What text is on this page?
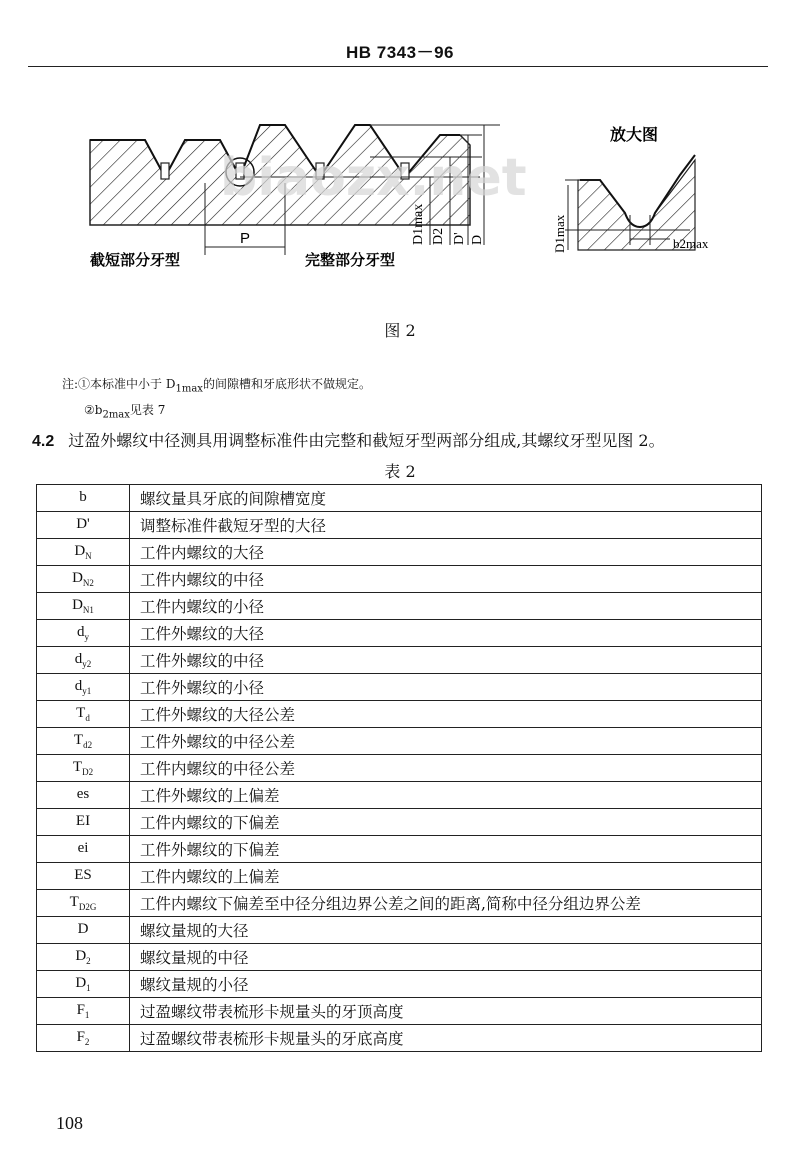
HB 7343－96
P
截短部分牙型	完整部分牙型
D1max D2 D' D
放大图
D1max	b2max
biaozx.net
图 2
注:①本标准中小于 $D_{1max}$的间隙槽和牙底形状不做规定。
$②b_{2max}$见表 7
4.2 过盈外螺纹中径测具用调整标准件由完整和截短牙型两部分组成,其螺纹牙型见图 2。
表 2
b	螺纹量具牙底的间隙槽宽度
D'	调整标准件截短牙型的大径
$D_N$	工件内螺纹的大径
$D_{N2}$	工件内螺纹的中径
$D_{N1}$	工件内螺纹的小径
$d_y$	工件外螺纹的大径
$d_{y2}$	工件外螺纹的中径
$d_{y1}$	工件外螺纹的小径
$T_d$	工件外螺纹的大径公差
$T_{d2}$	工件外螺纹的中径公差
$T_{D2}$	工件内螺纹的中径公差
es	工件外螺纹的上偏差
EI	工件内螺纹的下偏差
ei	工件外螺纹的下偏差
ES	工件内螺纹的上偏差
$T_{D2G}$	工件内螺纹下偏差至中径分组边界公差之间的距离,简称中径分组边界公差
D	螺纹量规的大径
$D_2$	螺纹量规的中径
$D_1$	螺纹量规的小径
$F_1$	过盈螺纹带表梳形卡规量头的牙顶高度
$F_2$	过盈螺纹带表梳形卡规量头的牙底高度
108
